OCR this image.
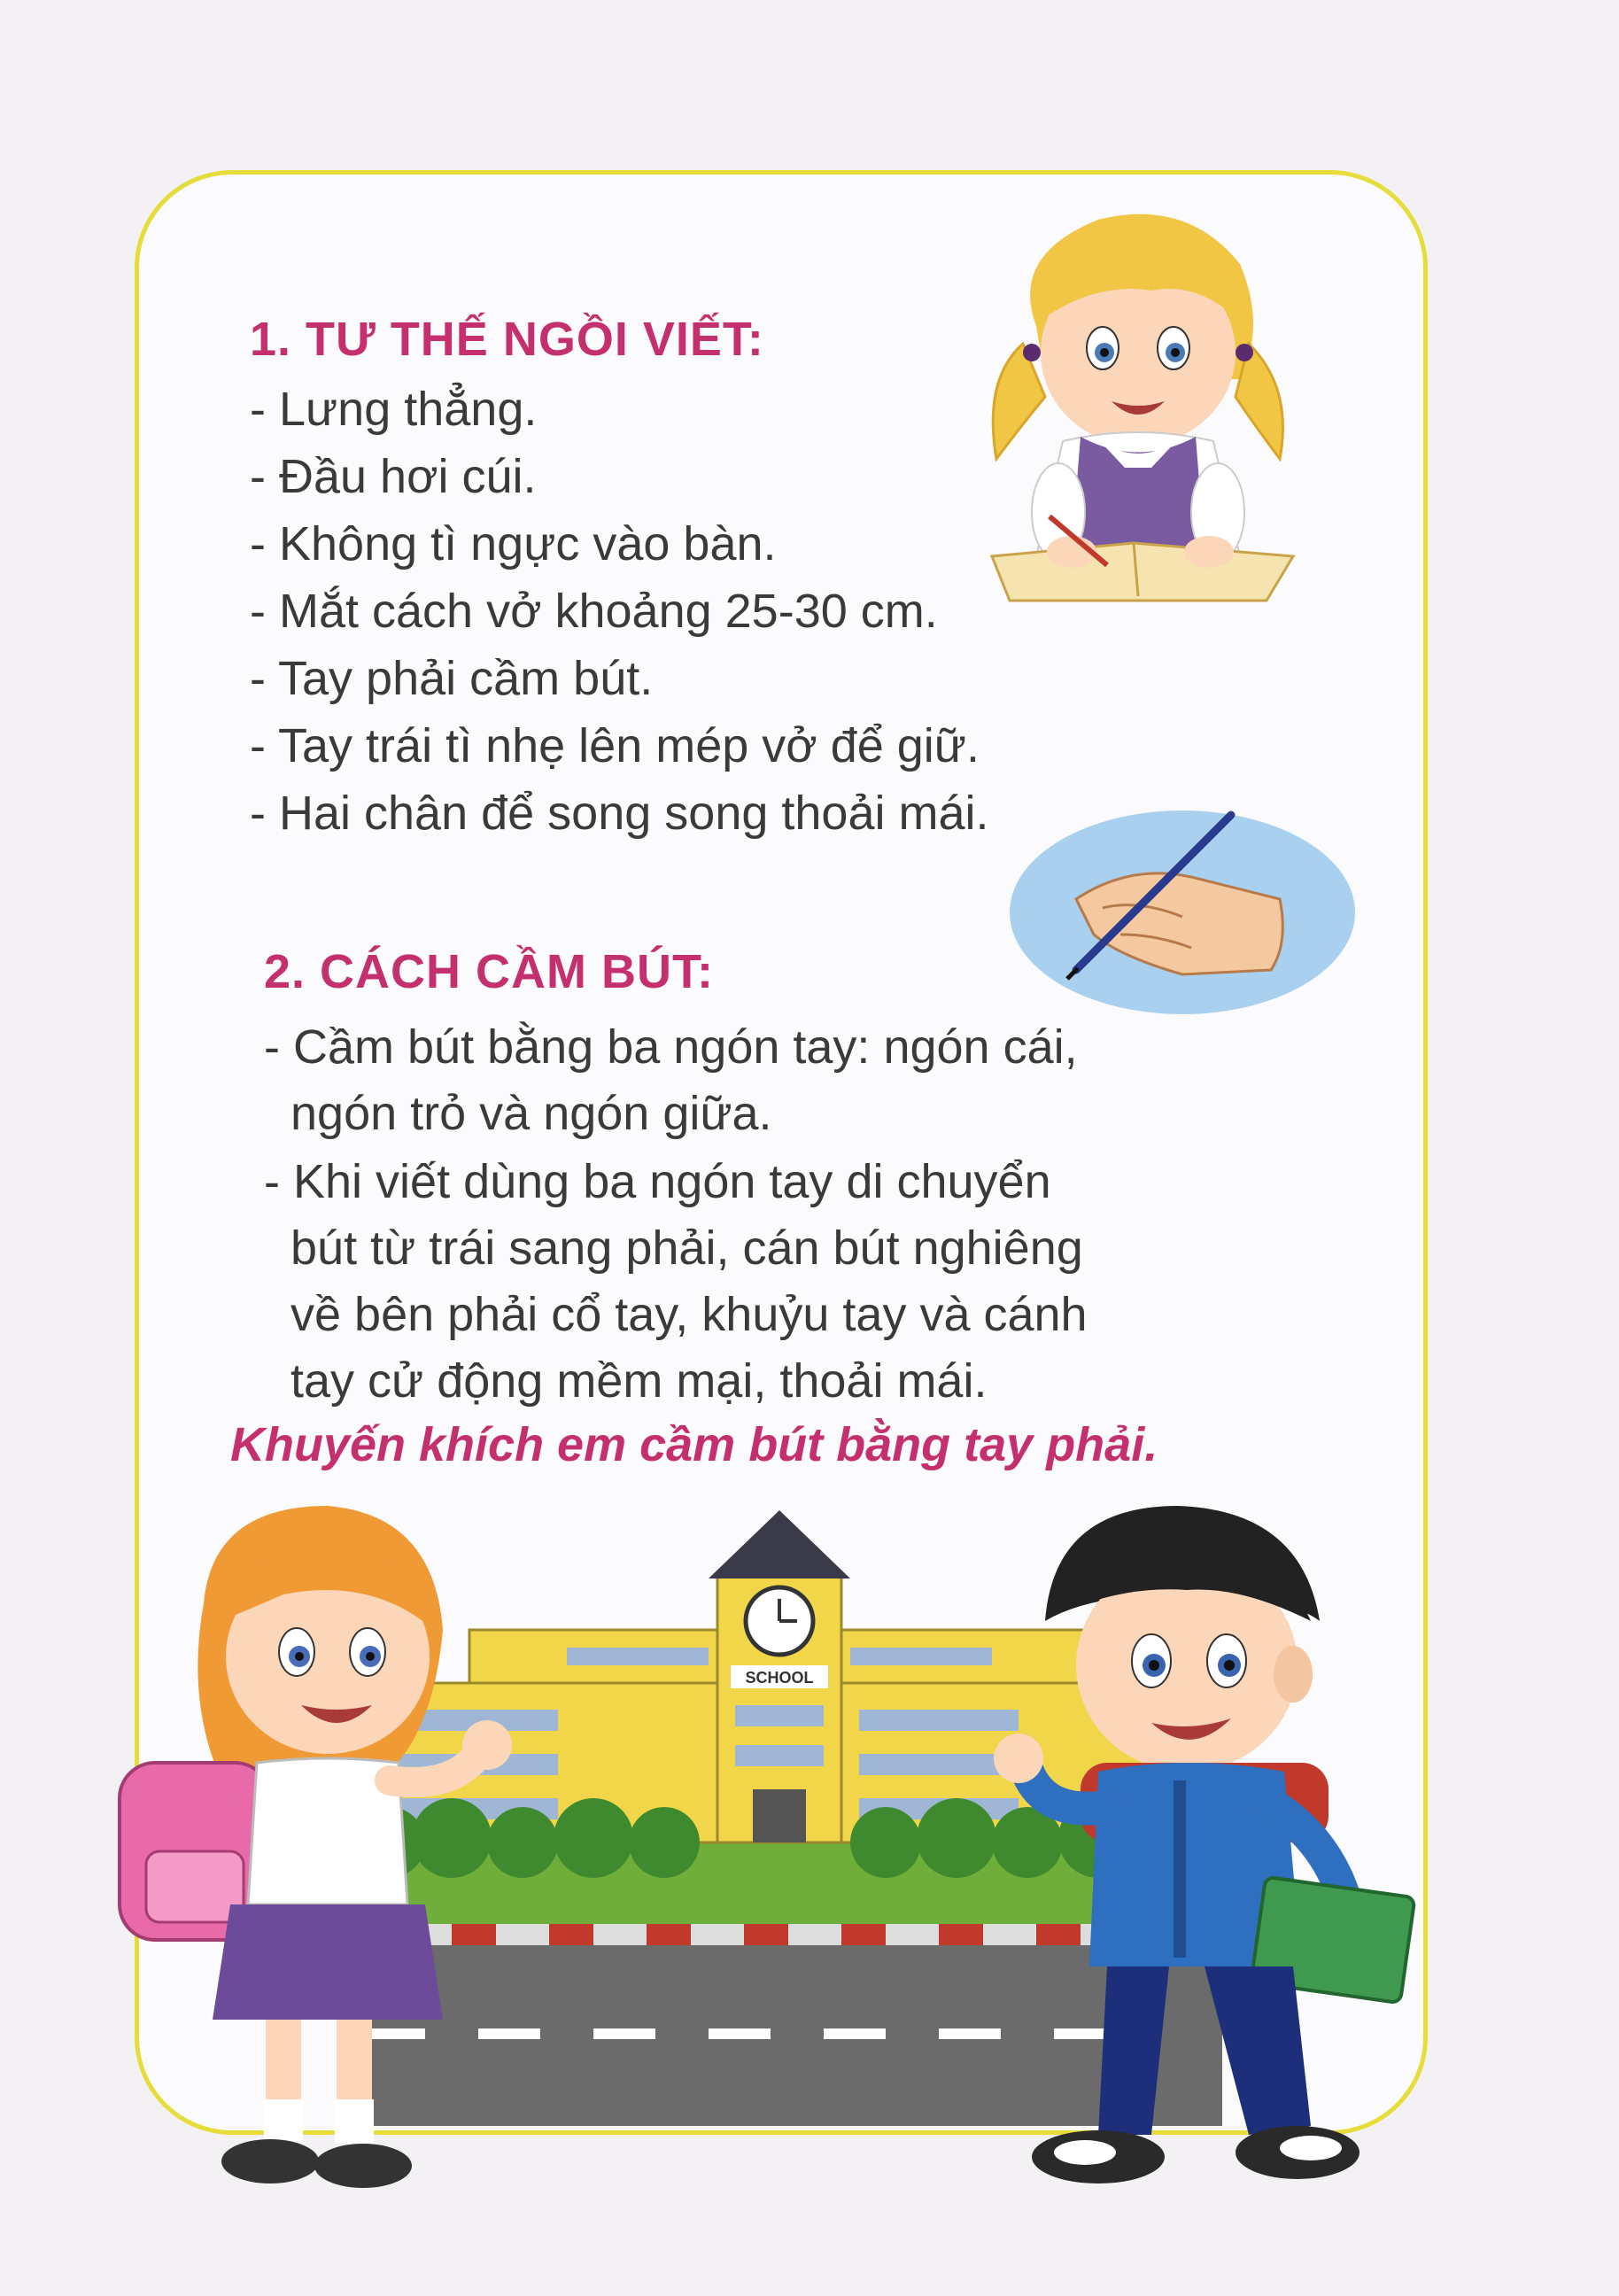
1. TƯ THẾ NGỒI VIẾT:
- Lưng thẳng.
- Đầu hơi cúi.
- Không tì ngực vào bàn.
- Mắt cách vở khoảng 25-30 cm.
- Tay phải cầm bút.
- Tay trái tì nhẹ lên mép vở để giữ.
- Hai chân để song song thoải mái.
2. CÁCH CẦM BÚT:
- Cầm bút bằng ba ngón tay: ngón cái,
ngón trỏ và ngón giữa.
- Khi viết dùng ba ngón tay di chuyển
bút từ trái sang phải, cán bút nghiêng
về bên phải cổ tay, khuỷu tay và cánh
tay cử động mềm mại, thoải mái.
Khuyến khích em cầm bút bằng tay phải.
SCHOOL
